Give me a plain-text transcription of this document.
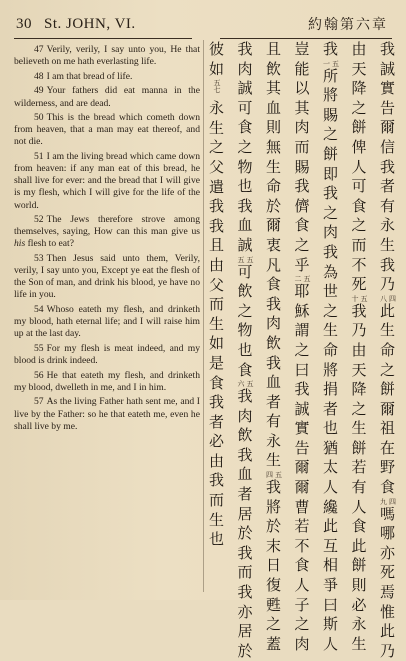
30 St. JOHN, VI.	約翰第六章

47 Verily, verily, I say unto you, He that believeth on me hath everlasting life.

48 I am that bread of life.

49 Your fathers did eat manna in the wilderness, and are dead.

50 This is the bread which cometh down from heaven, that a man may eat thereof, and not die.

51 I am the living bread which came down from heaven: if any man eat of this bread, he shall live for ever: and the bread that I will give is my flesh, which I will give for the life of the world.

52 The Jews therefore strove among themselves, saying, How can this man give us his flesh to eat?

53 Then Jesus said unto them, Verily, verily, I say unto you, Except ye eat the flesh of the Son of man, and drink his blood, ye have no life in you.

54 Whoso eateth my flesh, and drinketh my blood, hath eternal life; and I will raise him up at the last day.

55 For my flesh is meat indeed, and my blood is drink indeed.

56 He that eateth my flesh, and drinketh my blood, dwelleth in me, and I in him.

57 As the living Father hath sent me, and I live by the Father: so he that eateth me, even he shall live by me.

我
誠
實
告
爾
信
我
者
有
永
生
我
乃
四八
此
生
命
之
餅
爾
祖
在
野
食
四九
嗎
哪
亦
死
焉
惟
此
乃
由
天
降
之
餅
俾
人
可
食
之
而
不
死
五十
我
乃
由
天
降
之
生
餅
若
有
人
食
此
餅
則
必
永
生
我
五一
所
將
賜
之
餅
即
我
之
肉
我
為
世
之
生
命
將
捐
者
也
猶
太
人
纔
此
互
相
爭
曰
斯
人
豈
能
以
其
肉
而
賜
我
儕
食
之
乎
五二
耶
穌
謂
之
曰
我
誠
實
告
爾
爾
曹
若
不
食
人
子
之
肉
且
飲
其
血
則
無
生
命
於
爾
衷
凡
食
我
肉
飲
我
血
者
有
永
生
五四
我
將
於
末
日
復
甦
之
蓋
我
肉
誠
可
食
之
物
也
我
血
誠
五五
可
飲
之
物
也
食
五六
我
肉
飲
我
血
者
居
於
我
而
我
亦
居
於
彼
如
五七
永
生
之
父
遣
我
我
且
由
父
而
生
如
是
食
我
者
必
由
我
而
生
也
